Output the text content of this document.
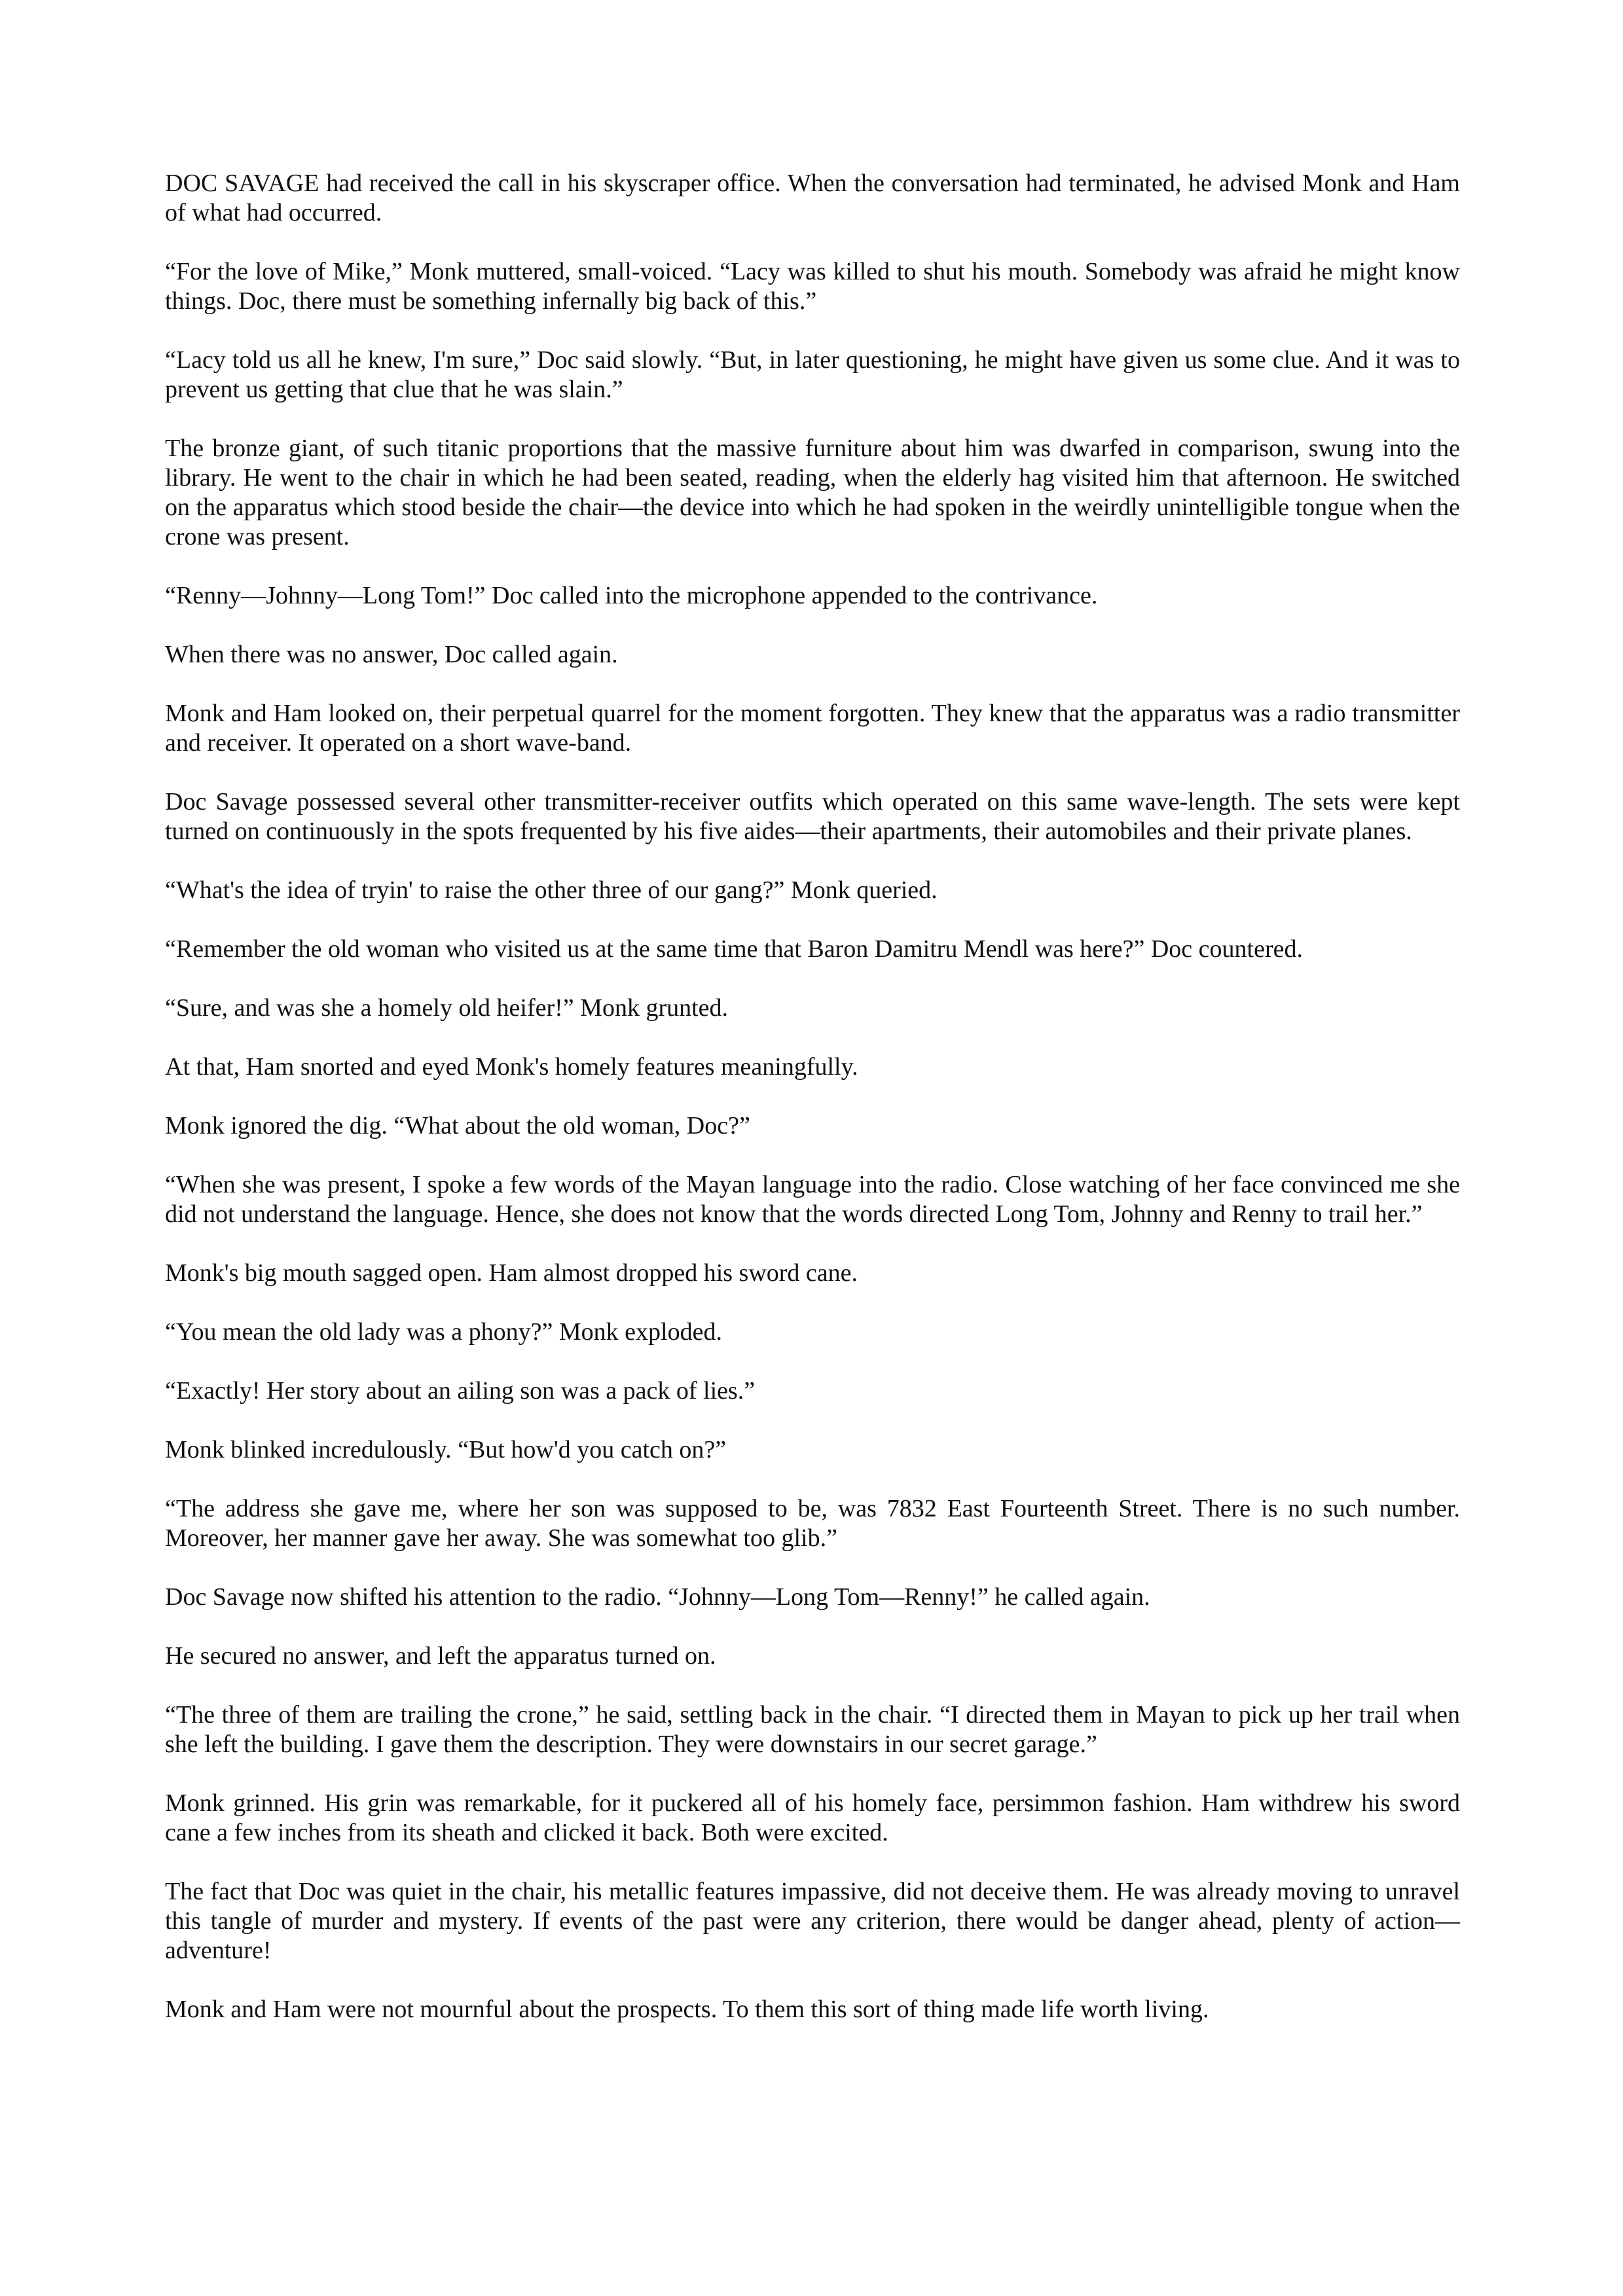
DOC SAVAGE had received the call in his skyscraper office. When the conversation had terminated, he advised Monk and Ham of what had occurred.

“For the love of Mike,” Monk muttered, small-voiced. “Lacy was killed to shut his mouth. Somebody was afraid he might know things. Doc, there must be something infernally big back of this.”

“Lacy told us all he knew, I'm sure,” Doc said slowly. “But, in later questioning, he might have given us some clue. And it was to prevent us getting that clue that he was slain.”

The bronze giant, of such titanic proportions that the massive furniture about him was dwarfed in comparison, swung into the library. He went to the chair in which he had been seated, reading, when the elderly hag visited him that afternoon. He switched on the apparatus which stood beside the chair—the device into which he had spoken in the weirdly unintelligible tongue when the crone was present.

“Renny—Johnny—Long Tom!” Doc called into the microphone appended to the contrivance.

When there was no answer, Doc called again.

Monk and Ham looked on, their perpetual quarrel for the moment forgotten. They knew that the apparatus was a radio transmitter and receiver. It operated on a short wave-band.

Doc Savage possessed several other transmitter-receiver outfits which operated on this same wave-length. The sets were kept turned on continuously in the spots frequented by his five aides—their apartments, their automobiles and their private planes.

“What's the idea of tryin' to raise the other three of our gang?” Monk queried.

“Remember the old woman who visited us at the same time that Baron Damitru Mendl was here?” Doc countered.

“Sure, and was she a homely old heifer!” Monk grunted.

At that, Ham snorted and eyed Monk's homely features meaningfully.

Monk ignored the dig. “What about the old woman, Doc?”

“When she was present, I spoke a few words of the Mayan language into the radio. Close watching of her face convinced me she did not understand the language. Hence, she does not know that the words directed Long Tom, Johnny and Renny to trail her.”

Monk's big mouth sagged open. Ham almost dropped his sword cane.

“You mean the old lady was a phony?” Monk exploded.

“Exactly! Her story about an ailing son was a pack of lies.”

Monk blinked incredulously. “But how'd you catch on?”

“The address she gave me, where her son was supposed to be, was 7832 East Fourteenth Street. There is no such number. Moreover, her manner gave her away. She was somewhat too glib.”

Doc Savage now shifted his attention to the radio. “Johnny—Long Tom—Renny!” he called again.

He secured no answer, and left the apparatus turned on.

“The three of them are trailing the crone,” he said, settling back in the chair. “I directed them in Mayan to pick up her trail when she left the building. I gave them the description. They were downstairs in our secret garage.”

Monk grinned. His grin was remarkable, for it puckered all of his homely face, persimmon fashion. Ham withdrew his sword cane a few inches from its sheath and clicked it back. Both were excited.

The fact that Doc was quiet in the chair, his metallic features impassive, did not deceive them. He was already moving to unravel this tangle of murder and mystery. If events of the past were any criterion, there would be danger ahead, plenty of action—adventure!

Monk and Ham were not mournful about the prospects. To them this sort of thing made life worth living.
